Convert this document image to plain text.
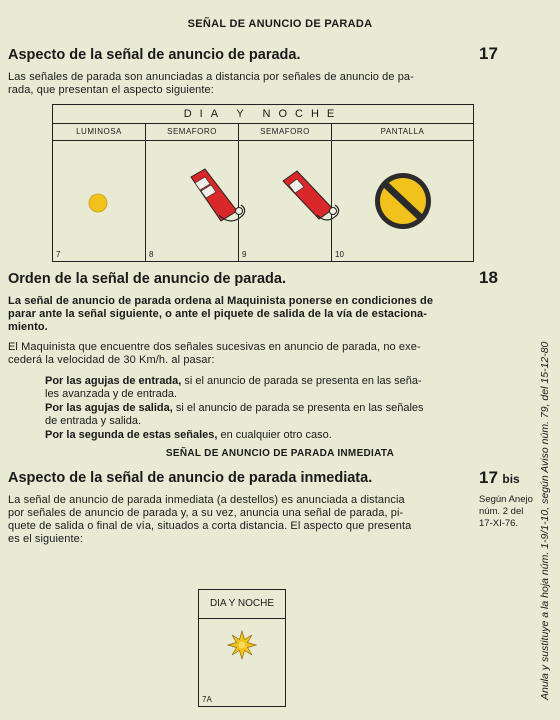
SEÑAL DE ANUNCIO DE PARADA
Aspecto de la señal de anuncio de parada.	17
Las señales de parada son anunciadas a distancia por señales de anuncio de pa-
rada, que presentan el aspecto siguiente:
DIA Y NOCHE
LUMINOSA	SEMAFORO	SEMAFORO	PANTALLA
7	8	9	10
Orden de la señal de anuncio de parada.	18
La señal de anuncio de parada ordena al Maquinista ponerse en condiciones de
parar ante la señal siguiente, o ante el piquete de salida de la vía de estaciona-
miento.
El Maquinista que encuentre dos señales sucesivas en anuncio de parada, no exe-
cederá la velocidad de 30 Km/h. al pasar:
Por las agujas de entrada, si el anuncio de parada se presenta en las seña-
les avanzada y de entrada.
Por las agujas de salida, si el anuncio de parada se presenta en las señales
de entrada y salida.
Por la segunda de estas señales, en cualquier otro caso.
SEÑAL DE ANUNCIO DE PARADA INMEDIATA
Aspecto de la señal de anuncio de parada inmediata.	17 bis
La señal de anuncio de parada inmediata (a destellos) es anunciada a distancia
por señales de anuncio de parada y, a su vez, anuncia una señal de parada, pi-
quete de salida o final de vía, situados a corta distancia. El aspecto que presenta
es el siguiente:
Según Anejo
núm. 2 del
17-XI-76.
DIA Y NOCHE
7A	Anula y sustituye a la hoja núm. 1-9/1-10, según Aviso núm. 79, del 15-12-80
